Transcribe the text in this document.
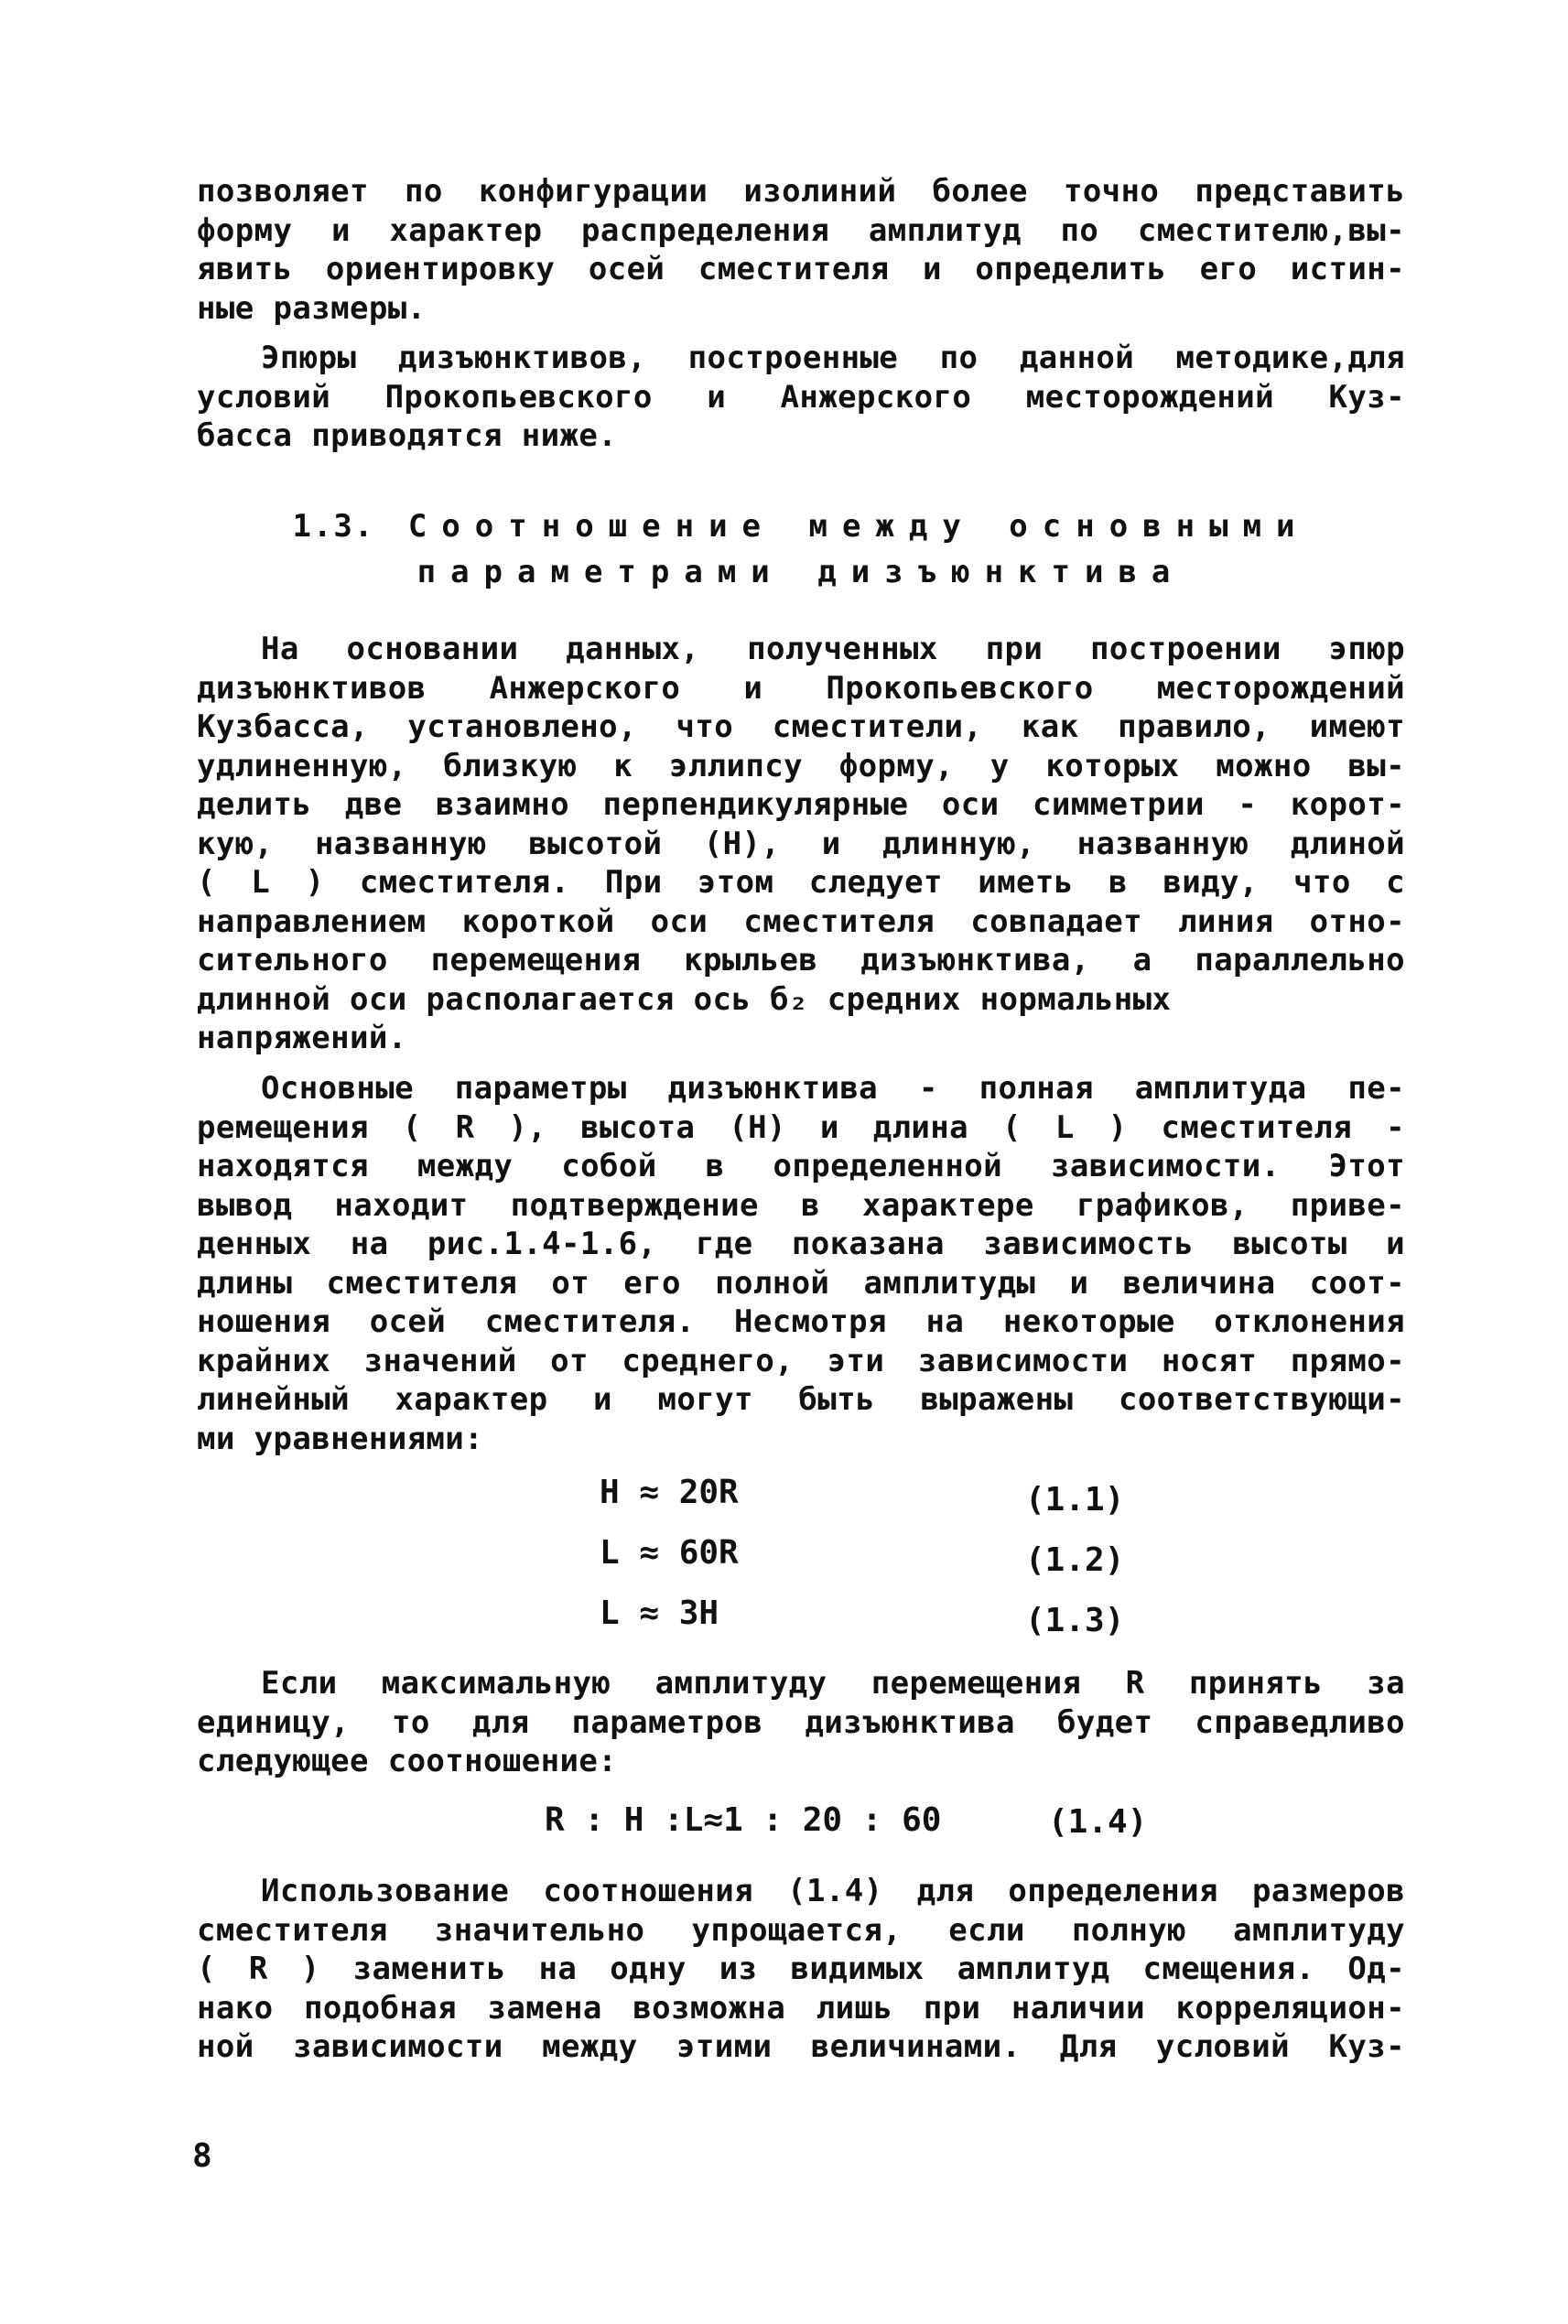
позволяет по конфигурации изолиний более точно представить
форму и характер распределения амплитуд по сместителю,вы-
явить ориентировку осей сместителя и определить его истин-
ные размеры.
Эпюры дизъюнктивов, построенные по данной методике,для
условий Прокопьевского и Анжерского месторождений Куз-
басса приводятся ниже.
1.3. Соотношение между основными
параметрами дизъюнктива
На основании данных, полученных при построении эпюр
дизъюнктивов Анжерского и Прокопьевского месторождений
Кузбасса, установлено, что сместители, как правило, имеют
удлиненную, близкую к эллипсу форму, у которых можно вы-
делить две взаимно перпендикулярные оси симметрии - корот-
кую, названную высотой (Н), и длинную, названную длиной
( L ) сместителя. При этом следует иметь в виду, что с
направлением короткой оси сместителя совпадает линия отно-
сительного перемещения крыльев дизъюнктива, а параллельно
длинной оси располагается ось б₂ средних нормальных
напряжений.
Основные параметры дизъюнктива - полная амплитуда пе-
ремещения ( R ), высота (Н) и длина ( L ) сместителя -
находятся между собой в определенной зависимости. Этот
вывод находит подтверждение в характере графиков, приве-
денных на рис.1.4-1.6, где показана зависимость высоты и
длины сместителя от его полной амплитуды и величина соот-
ношения осей сместителя. Несмотря на некоторые отклонения
крайних значений от среднего, эти зависимости носят прямо-
линейный характер и могут быть выражены соответствующи-
ми уравнениями:
Н ≈ 20R	(1.1)
L ≈ 60R	(1.2)
L ≈ 3Н	(1.3)
Если максимальную амплитуду перемещения R принять за
единицу, то для параметров дизъюнктива будет справедливо
следующее соотношение:
R : Н :L≈1 : 20 : 60	(1.4)
Использование соотношения (1.4) для определения размеров
сместителя значительно упрощается, если полную амплитуду
( R ) заменить на одну из видимых амплитуд смещения. Од-
нако подобная замена возможна лишь при наличии корреляцион-
ной зависимости между этими величинами. Для условий Куз-
8
